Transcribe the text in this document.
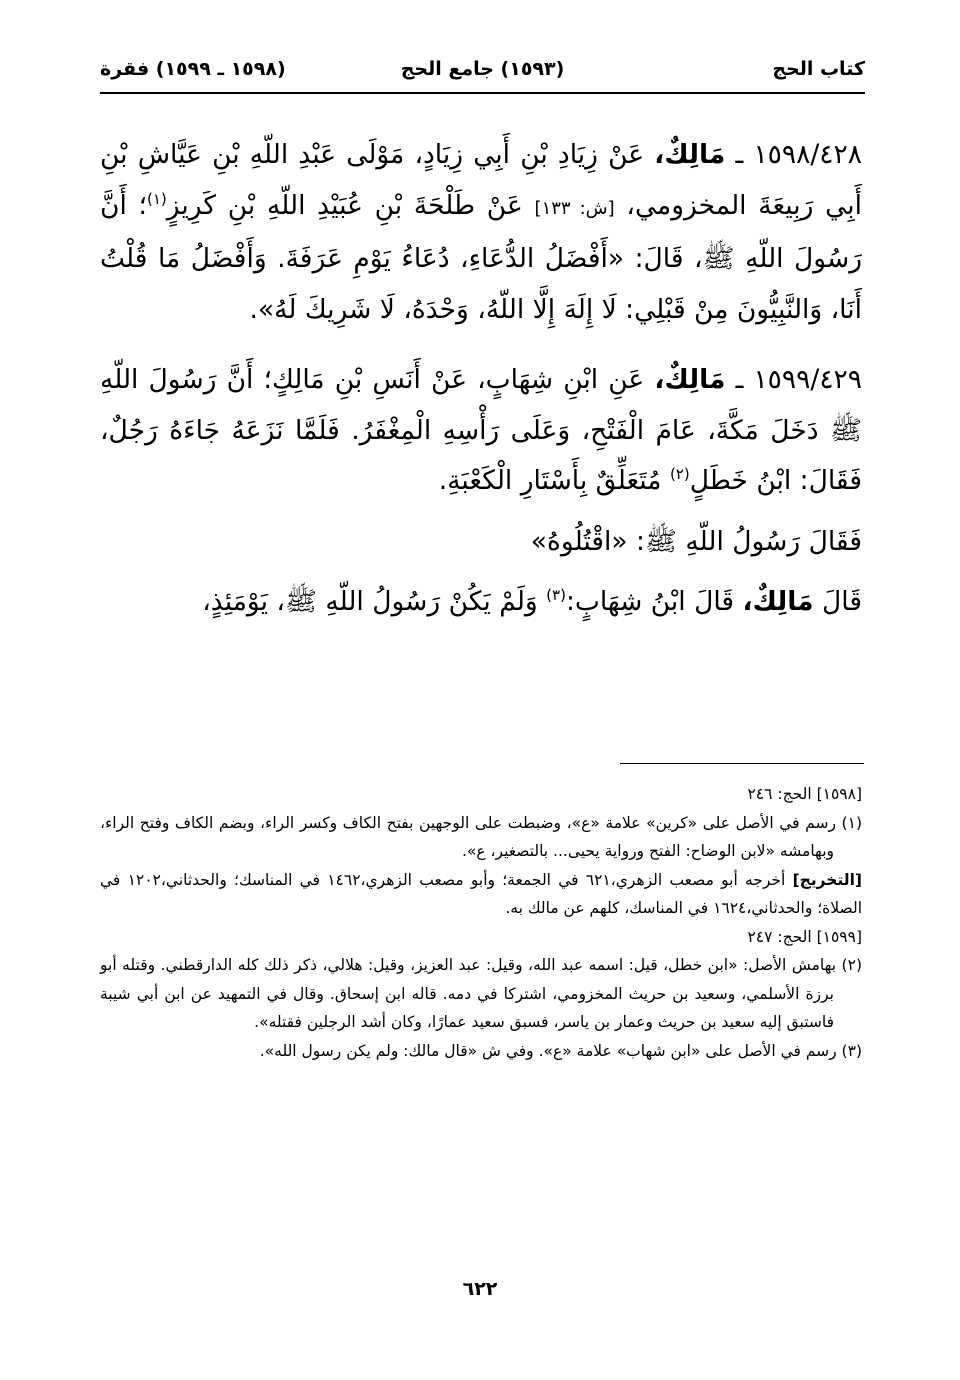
كتاب الحج
(١٥٩٣) جامع الحج
(١٥٩٨ ـ ١٥٩٩) فقرة

١٥٩٨/٤٢٨ ـ مَالِكٌ، عَنْ زِيَادِ بْنِ أَبِي زِيَادٍ، مَوْلَى عَبْدِ اللّهِ بْنِ عَيَّاشِ بْنِ أَبِي رَبِيعَةَ المخزومي، [ش: ١٣٣] عَنْ طَلْحَةَ بْنِ عُبَيْدِ اللّهِ بْنِ كَرِيزٍ$^{(١)}$؛ أَنَّ رَسُولَ اللّهِ ﷺ، قَالَ: «أَفْضَلُ الدُّعَاءِ، دُعَاءُ يَوْمِ عَرَفَةَ. وَأَفْضَلُ مَا قُلْتُ أَنَا، وَالنَّبِيُّونَ مِنْ قَبْلِي: لَا إِلَهَ إِلَّا اللّهُ، وَحْدَهُ، لَا شَرِيكَ لَهُ».

١٥٩٩/٤٢٩ ـ مَالِكٌ، عَنِ ابْنِ شِهَابٍ، عَنْ أَنَسِ بْنِ مَالِكٍ؛ أَنَّ رَسُولَ اللّهِ ﷺ دَخَلَ مَكَّةَ، عَامَ الْفَتْحِ، وَعَلَى رَأْسِهِ الْمِغْفَرُ. فَلَمَّا نَزَعَهُ جَاءَهُ رَجُلٌ، فَقَالَ: ابْنُ خَطَلٍ$^{(٢)}$ مُتَعَلِّقٌ بِأَسْتَارِ الْكَعْبَةِ.

فَقَالَ رَسُولُ اللّهِ ﷺ: «اقْتُلُوهُ»

قَالَ مَالِكٌ، قَالَ ابْنُ شِهَابٍ:$^{(٣)}$ وَلَمْ يَكُنْ رَسُولُ اللّهِ ﷺ، يَوْمَئِذٍ،

[١٥٩٨] الحج: ٢٤٦

(١) رسم في الأصل على «كرين» علامة «ع»، وضبطت على الوجهين بفتح الكاف وكسر الراء، وبضم الكاف وفتح الراء، وبهامشه «لابن الوضاح: الفتح ورواية يحيى... بالتصغير، ع».

[التخريج] أخرجه أبو مصعب الزهري،٦٢١ في الجمعة؛ وأبو مصعب الزهري،١٤٦٢ في المناسك؛ والحدثاني،١٢٠٢ في الصلاة؛ والحدثاني،١٦٢٤ في المناسك، كلهم عن مالك به.

[١٥٩٩] الحج: ٢٤٧

(٢) بهامش الأصل: «ابن خطل، قيل: اسمه عبد الله، وقيل: عبد العزيز، وقيل: هلالي، ذكر ذلك كله الدارقطني. وقتله أبو برزة الأسلمي، وسعيد بن حريث المخزومي، اشتركا في دمه. قاله ابن إسحاق. وقال في التمهيد عن ابن أبي شيبة فاستبق إليه سعيد بن حريث وعمار بن ياسر، فسبق سعيد عمارًا، وكان أشد الرجلين فقتله».

(٣) رسم في الأصل على «ابن شهاب» علامة «ع». وفي ش «قال مالك: ولم يكن رسول الله».

٦٢٢
